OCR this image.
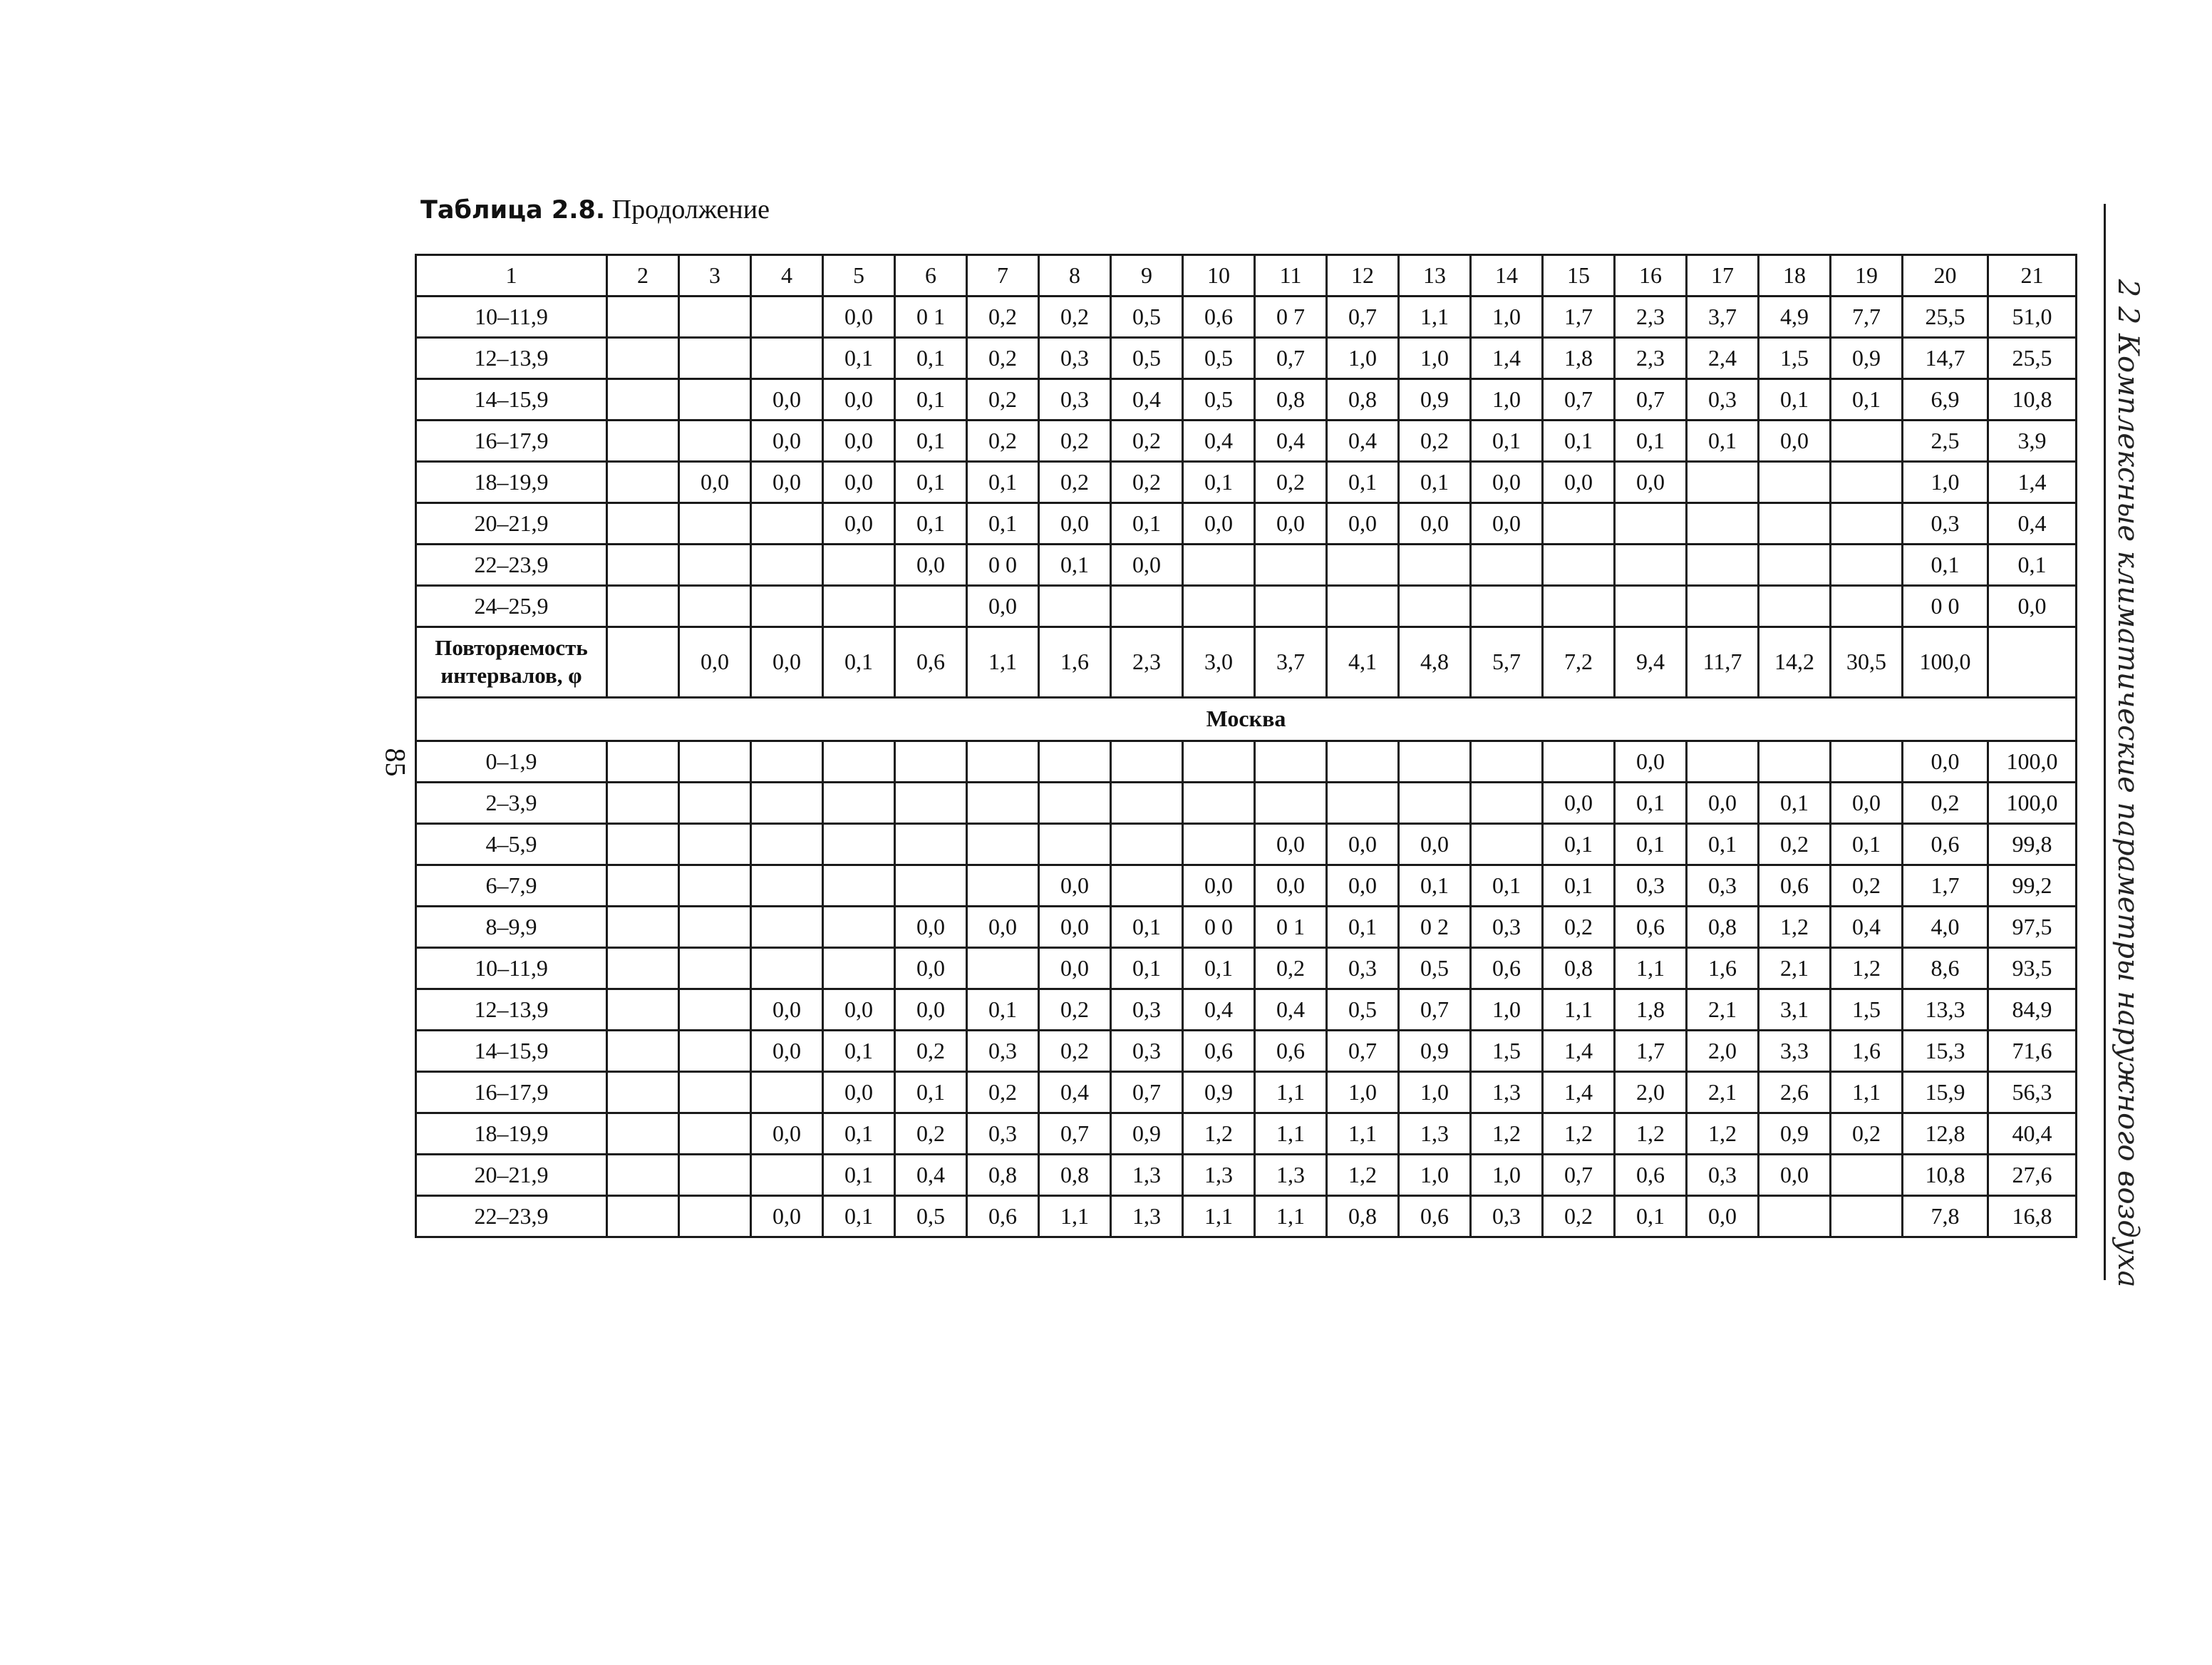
Таблица 2.8. Продолжение
1	2	3	4	5	6	7	8	9	10	11	12	13	14	15	16	17	18	19	20	21
10–11,9				0,0	0 1	0,2	0,2	0,5	0,6	0 7	0,7	1,1	1,0	1,7	2,3	3,7	4,9	7,7	25,5	51,0
12–13,9				0,1	0,1	0,2	0,3	0,5	0,5	0,7	1,0	1,0	1,4	1,8	2,3	2,4	1,5	0,9	14,7	25,5
14–15,9			0,0	0,0	0,1	0,2	0,3	0,4	0,5	0,8	0,8	0,9	1,0	0,7	0,7	0,3	0,1	0,1	6,9	10,8
16–17,9			0,0	0,0	0,1	0,2	0,2	0,2	0,4	0,4	0,4	0,2	0,1	0,1	0,1	0,1	0,0		2,5	3,9
18–19,9		0,0	0,0	0,0	0,1	0,1	0,2	0,2	0,1	0,2	0,1	0,1	0,0	0,0	0,0				1,0	1,4
20–21,9				0,0	0,1	0,1	0,0	0,1	0,0	0,0	0,0	0,0	0,0						0,3	0,4
22–23,9					0,0	0 0	0,1	0,0											0,1	0,1
24–25,9						0,0													0 0	0,0
Повторяемость интервалов, φ		0,0	0,0	0,1	0,6	1,1	1,6	2,3	3,0	3,7	4,1	4,8	5,7	7,2	9,4	11,7	14,2	30,5	100,0	
Москва																				
0–1,9															0,0				0,0	100,0
2–3,9														0,0	0,1	0,0	0,1	0,0	0,2	100,0
4–5,9										0,0	0,0	0,0		0,1	0,1	0,1	0,2	0,1	0,6	99,8
6–7,9							0,0		0,0	0,0	0,0	0,1	0,1	0,1	0,3	0,3	0,6	0,2	1,7	99,2
8–9,9					0,0	0,0	0,0	0,1	0 0	0 1	0,1	0 2	0,3	0,2	0,6	0,8	1,2	0,4	4,0	97,5
10–11,9					0,0		0,0	0,1	0,1	0,2	0,3	0,5	0,6	0,8	1,1	1,6	2,1	1,2	8,6	93,5
12–13,9			0,0	0,0	0,0	0,1	0,2	0,3	0,4	0,4	0,5	0,7	1,0	1,1	1,8	2,1	3,1	1,5	13,3	84,9
14–15,9			0,0	0,1	0,2	0,3	0,2	0,3	0,6	0,6	0,7	0,9	1,5	1,4	1,7	2,0	3,3	1,6	15,3	71,6
16–17,9				0,0	0,1	0,2	0,4	0,7	0,9	1,1	1,0	1,0	1,3	1,4	2,0	2,1	2,6	1,1	15,9	56,3
18–19,9			0,0	0,1	0,2	0,3	0,7	0,9	1,2	1,1	1,1	1,3	1,2	1,2	1,2	1,2	0,9	0,2	12,8	40,4
20–21,9				0,1	0,4	0,8	0,8	1,3	1,3	1,3	1,2	1,0	1,0	0,7	0,6	0,3	0,0		10,8	27,6
22–23,9			0,0	0,1	0,5	0,6	1,1	1,3	1,1	1,1	0,8	0,6	0,3	0,2	0,1	0,0			7,8	16,8
85	2 2 Комплексные климатические параметры наружного воздуха
